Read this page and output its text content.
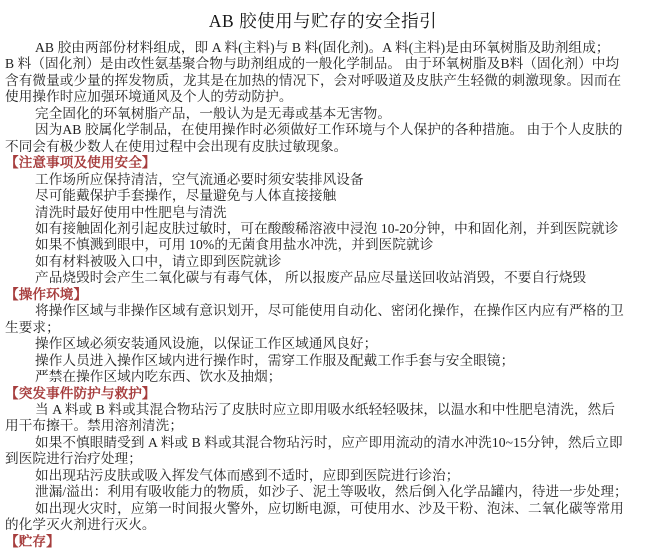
AB 胶使用与贮存的安全指引
AB 胶由两部份材料组成，即 A 料(主料)与 B 料(固化剂)。A 料(主料)是由环氧树脂及助剂组成；
B 料（固化剂）是由改性氨基聚合物与助剂组成的一般化学制品。 由于环氧树脂及B料（固化剂）中均
含有微量或少量的挥发物质，龙其是在加热的情况下，会对呼吸道及皮肤产生轻微的刺激现象。因而在
使用操作时应加强环境通风及个人的劳动防护。
完全固化的环氧树脂产品，一般认为是无毒或基本无害物。
因为AB 胶属化学制品，在使用操作时必须做好工作环境与个人保护的各种措施。 由于个人皮肤的
不同会有极少数人在使用过程中会出现有皮肤过敏现象。
【注意事项及使用安全】
工作场所应保持清洁，空气流通必要时须安装排风设备
尽可能戴保护手套操作，尽量避免与人体直接接触
清洗时最好使用中性肥皂与清洗
如有接触固化剂引起皮肤过敏时，可在酸酸稀溶液中浸泡 10-20分钟，中和固化剂，并到医院就诊
如果不慎溅到眼中，可用 10%的无菌食用盐水冲洗，并到医院就诊
如有材料被吸入口中，请立即到医院就诊
产品烧毁时会产生二氧化碳与有毒气体， 所以报废产品应尽量送回收站消毁，不要自行烧毁
【操作环境】
将操作区域与非操作区域有意识划开，尽可能使用自动化、密闭化操作，在操作区内应有严格的卫
生要求；
操作区域必须安装通风设施，以保证工作区域通风良好；
操作人员进入操作区域内进行操作时，需穿工作服及配戴工作手套与安全眼镜；
严禁在操作区域内吃东西、饮水及抽烟；
【突发事件防护与救护】
当 A 料或 B 料或其混合物玷污了皮肤时应立即用吸水纸轻轻吸抹，以温水和中性肥皂清洗，然后
用干布擦干。禁用溶剂清洗；
如果不慎眼睛受到 A 料或 B 料或其混合物玷污时，应产即用流动的清水冲洗10~15分钟，然后立即
到医院进行治疗处理；
如出现玷污皮肤或吸入挥发气体而感到不适时，应即到医院进行诊治；
泄漏/溢出：利用有吸收能力的物质，如沙子、泥土等吸收，然后倒入化学品罐内，待进一步处理；
如出现火灾时，应第一时间报火警外，应切断电源，可使用水、沙及干粉、泡沫、二氧化碳等常用
的化学灭火剂进行灭火。
【贮存】
